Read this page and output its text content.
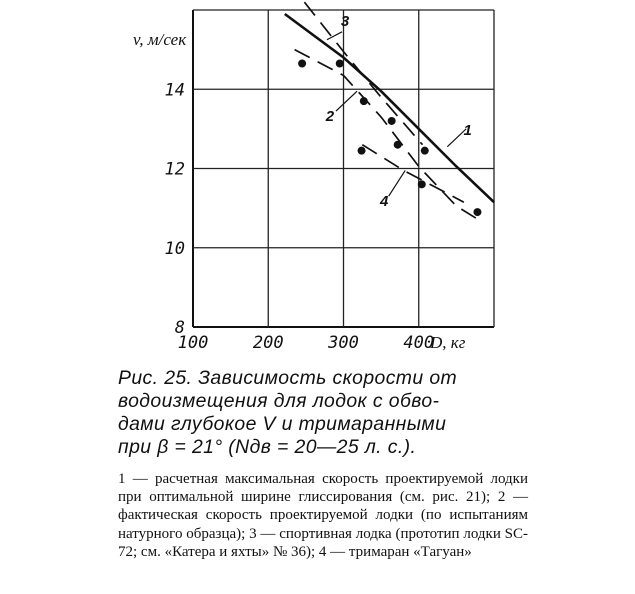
100	200	300	400
8
10
12
14
1
2
3
4
v, м/сек
D, кг

Рис. 25. Зависимость скорости от

водоизмещения для лодок с обво-

дами глубокое V и тримаранными

при β = 21° (Nдв = 20—25 л. с.).

1 — расчетная максимальная скорость проектируемой лодки при оптимальной ширине глиссирования (см. рис. 21); 2 — фактическая скорость проектируемой лодки (по испытаниям натурного образца); 3 — спортивная лодка (прототип лодки SC-72; см. «Катера и яхты» № 36); 4 — тримаран «Тагуан»
